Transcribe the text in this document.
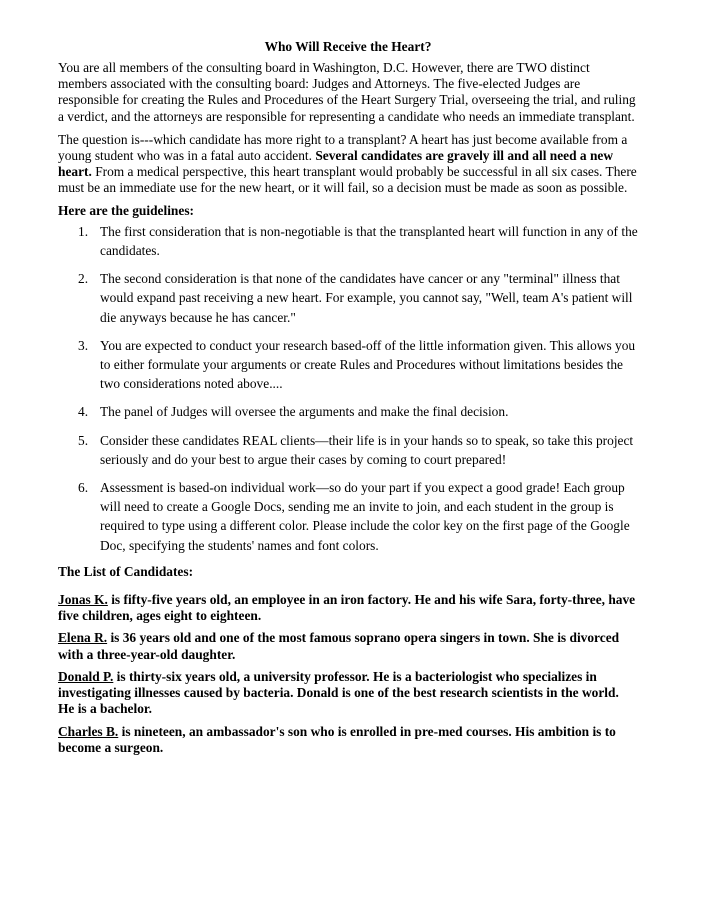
Who Will Receive the Heart?

You are all members of the consulting board in Washington, D.C. However, there are TWO distinct members associated with the consulting board: Judges and Attorneys. The five-elected Judges are responsible for creating the Rules and Procedures of the Heart Surgery Trial, overseeing the trial, and ruling a verdict, and the attorneys are responsible for representing a candidate who needs an immediate transplant.

The question is---which candidate has more right to a transplant? A heart has just become available from a young student who was in a fatal auto accident. Several candidates are gravely ill and all need a new heart. From a medical perspective, this heart transplant would probably be successful in all six cases. There must be an immediate use for the new heart, or it will fail, so a decision must be made as soon as possible.

Here are the guidelines:

1. The first consideration that is non-negotiable is that the transplanted heart will function in any of the candidates.
2. The second consideration is that none of the candidates have cancer or any "terminal" illness that would expand past receiving a new heart. For example, you cannot say, "Well, team A's patient will die anyways because he has cancer."
3. You are expected to conduct your research based-off of the little information given. This allows you to either formulate your arguments or create Rules and Procedures without limitations besides the two considerations noted above....
4. The panel of Judges will oversee the arguments and make the final decision.
5. Consider these candidates REAL clients—their life is in your hands so to speak, so take this project seriously and do your best to argue their cases by coming to court prepared!
6. Assessment is based-on individual work—so do your part if you expect a good grade! Each group will need to create a Google Docs, sending me an invite to join, and each student in the group is required to type using a different color. Please include the color key on the first page of the Google Doc, specifying the students' names and font colors.

The List of Candidates:

Jonas K. is fifty-five years old, an employee in an iron factory. He and his wife Sara, forty-three, have five children, ages eight to eighteen.

Elena R. is 36 years old and one of the most famous soprano opera singers in town. She is divorced with a three-year-old daughter.

Donald P. is thirty-six years old, a university professor. He is a bacteriologist who specializes in investigating illnesses caused by bacteria. Donald is one of the best research scientists in the world. He is a bachelor.

Charles B. is nineteen, an ambassador's son who is enrolled in pre-med courses. His ambition is to become a surgeon.
